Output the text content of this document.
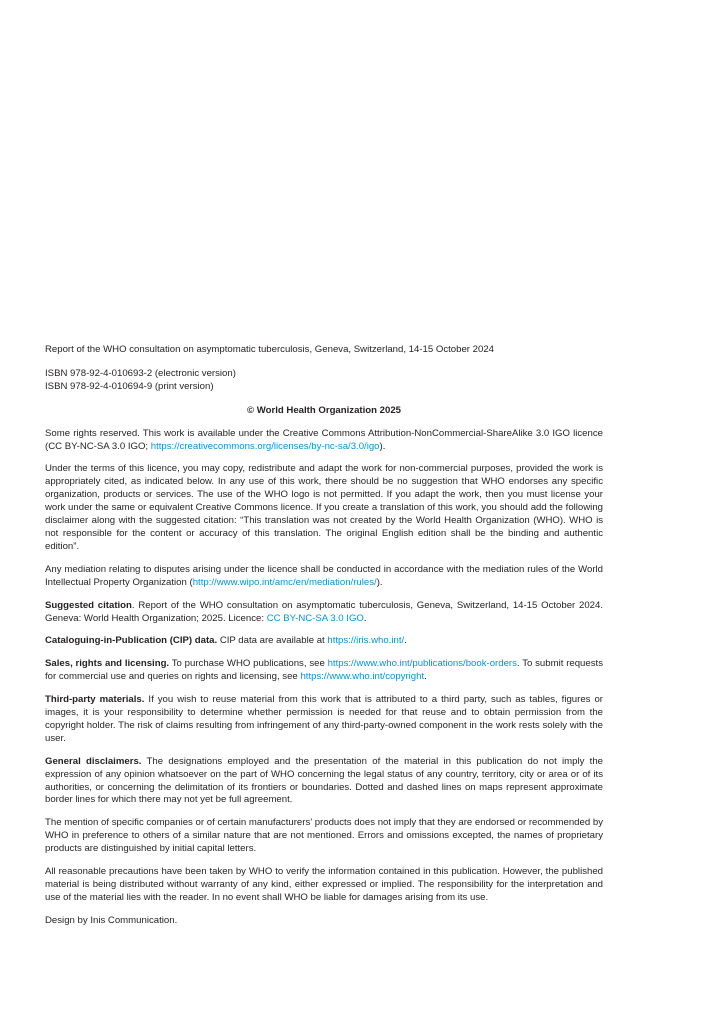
Report of the WHO consultation on asymptomatic tuberculosis, Geneva, Switzerland, 14-15 October 2024

ISBN 978-92-4-010693-2 (electronic version)

ISBN 978-92-4-010694-9 (print version)

© World Health Organization 2025

Some rights reserved. This work is available under the Creative Commons Attribution-NonCommercial-ShareAlike 3.0 IGO licence (CC BY-NC-SA 3.0 IGO; https://creativecommons.org/licenses/by-nc-sa/3.0/igo).

Under the terms of this licence, you may copy, redistribute and adapt the work for non-commercial purposes, provided the work is appropriately cited, as indicated below. In any use of this work, there should be no suggestion that WHO endorses any specific organization, products or services. The use of the WHO logo is not permitted. If you adapt the work, then you must license your work under the same or equivalent Creative Commons licence. If you create a translation of this work, you should add the following disclaimer along with the suggested citation: “This translation was not created by the World Health Organization (WHO). WHO is not responsible for the content or accuracy of this translation. The original English edition shall be the binding and authentic edition”.

Any mediation relating to disputes arising under the licence shall be conducted in accordance with the mediation rules of the World Intellectual Property Organization (http://www.wipo.int/amc/en/mediation/rules/).

Suggested citation. Report of the WHO consultation on asymptomatic tuberculosis, Geneva, Switzerland, 14-15 October 2024. Geneva: World Health Organization; 2025. Licence: CC BY-NC-SA 3.0 IGO.

Cataloguing-in-Publication (CIP) data. CIP data are available at https://iris.who.int/.

Sales, rights and licensing. To purchase WHO publications, see https://www.who.int/publications/book-orders. To submit requests for commercial use and queries on rights and licensing, see https://www.who.int/copyright.

Third-party materials. If you wish to reuse material from this work that is attributed to a third party, such as tables, figures or images, it is your responsibility to determine whether permission is needed for that reuse and to obtain permission from the copyright holder. The risk of claims resulting from infringement of any third-party-owned component in the work rests solely with the user.

General disclaimers. The designations employed and the presentation of the material in this publication do not imply the expression of any opinion whatsoever on the part of WHO concerning the legal status of any country, territory, city or area or of its authorities, or concerning the delimitation of its frontiers or boundaries. Dotted and dashed lines on maps represent approximate border lines for which there may not yet be full agreement.

The mention of specific companies or of certain manufacturers’ products does not imply that they are endorsed or recommended by WHO in preference to others of a similar nature that are not mentioned. Errors and omissions excepted, the names of proprietary products are distinguished by initial capital letters.

All reasonable precautions have been taken by WHO to verify the information contained in this publication. However, the published material is being distributed without warranty of any kind, either expressed or implied. The responsibility for the interpretation and use of the material lies with the reader. In no event shall WHO be liable for damages arising from its use.

Design by Inis Communication.
